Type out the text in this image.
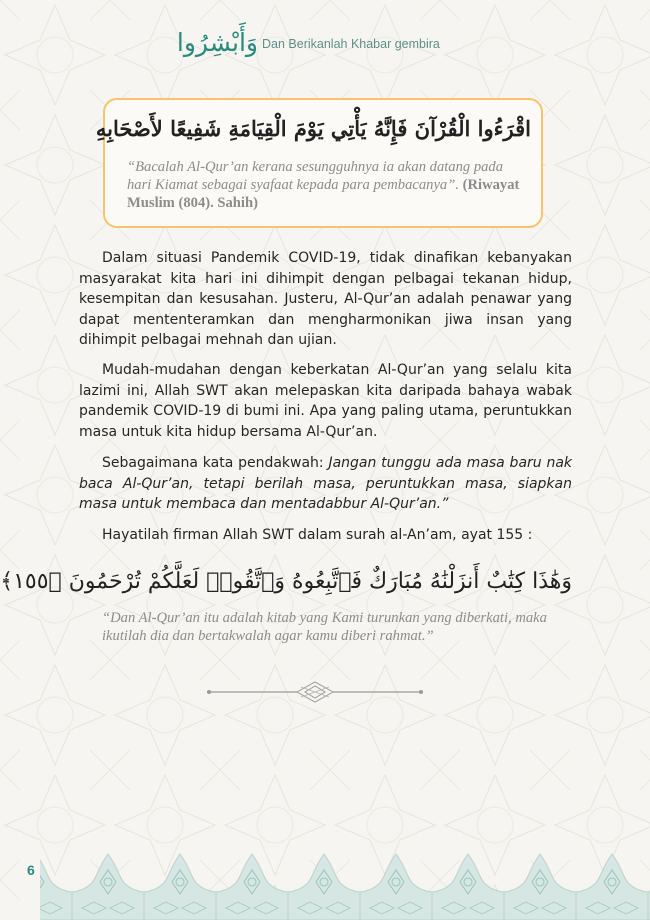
وَأَبْشِرُوا Dan Berikanlah Khabar gembira
اقْرَءُوا الْقُرْآنَ فَإِنَّهُ يَأْتِي يَوْمَ الْقِيَامَةِ شَفِيعًا لأَصْحَابِهِ
“Bacalah Al-Qur’an kerana sesungguhnya ia akan datang pada hari Kiamat sebagai syafaat kepada para pembacanya”. (Riwayat Muslim (804). Sahih)
Dalam situasi Pandemik COVID-19, tidak dinafikan kebanyakan masyarakat kita hari ini dihimpit dengan pelbagai tekanan hidup, kesempitan dan kesusahan. Justeru, Al-Qur’an adalah penawar yang dapat mententeramkan dan mengharmonikan jiwa insan yang dihimpit pelbagai mehnah dan ujian.
Mudah-mudahan dengan keberkatan Al-Qur’an yang selalu kita lazimi ini, Allah SWT akan melepaskan kita daripada bahaya wabak pandemik COVID-19 di bumi ini. Apa yang paling utama, peruntukkan masa untuk kita hidup bersama Al-Qur’an.
Sebagaimana kata pendakwah: Jangan tunggu ada masa baru nak baca Al-Qur’an, tetapi berilah masa, peruntukkan masa, siapkan masa untuk membaca dan mentadabbur Al-Qur’an.”
Hayatilah firman Allah SWT dalam surah al-An’am, ayat 155 :
وَهَٰذَا كِتَٰبٌ أَنزَلْنَٰهُ مُبَارَكٌ فَٱتَّبِعُوهُ وَٱتَّقُوا۟ لَعَلَّكُمْ تُرْحَمُونَ ﴿١٥٥﴾
“Dan Al-Qur’an itu adalah kitab yang Kami turunkan yang diberkati, maka ikutilah dia dan bertakwalah agar kamu diberi rahmat.”
6
